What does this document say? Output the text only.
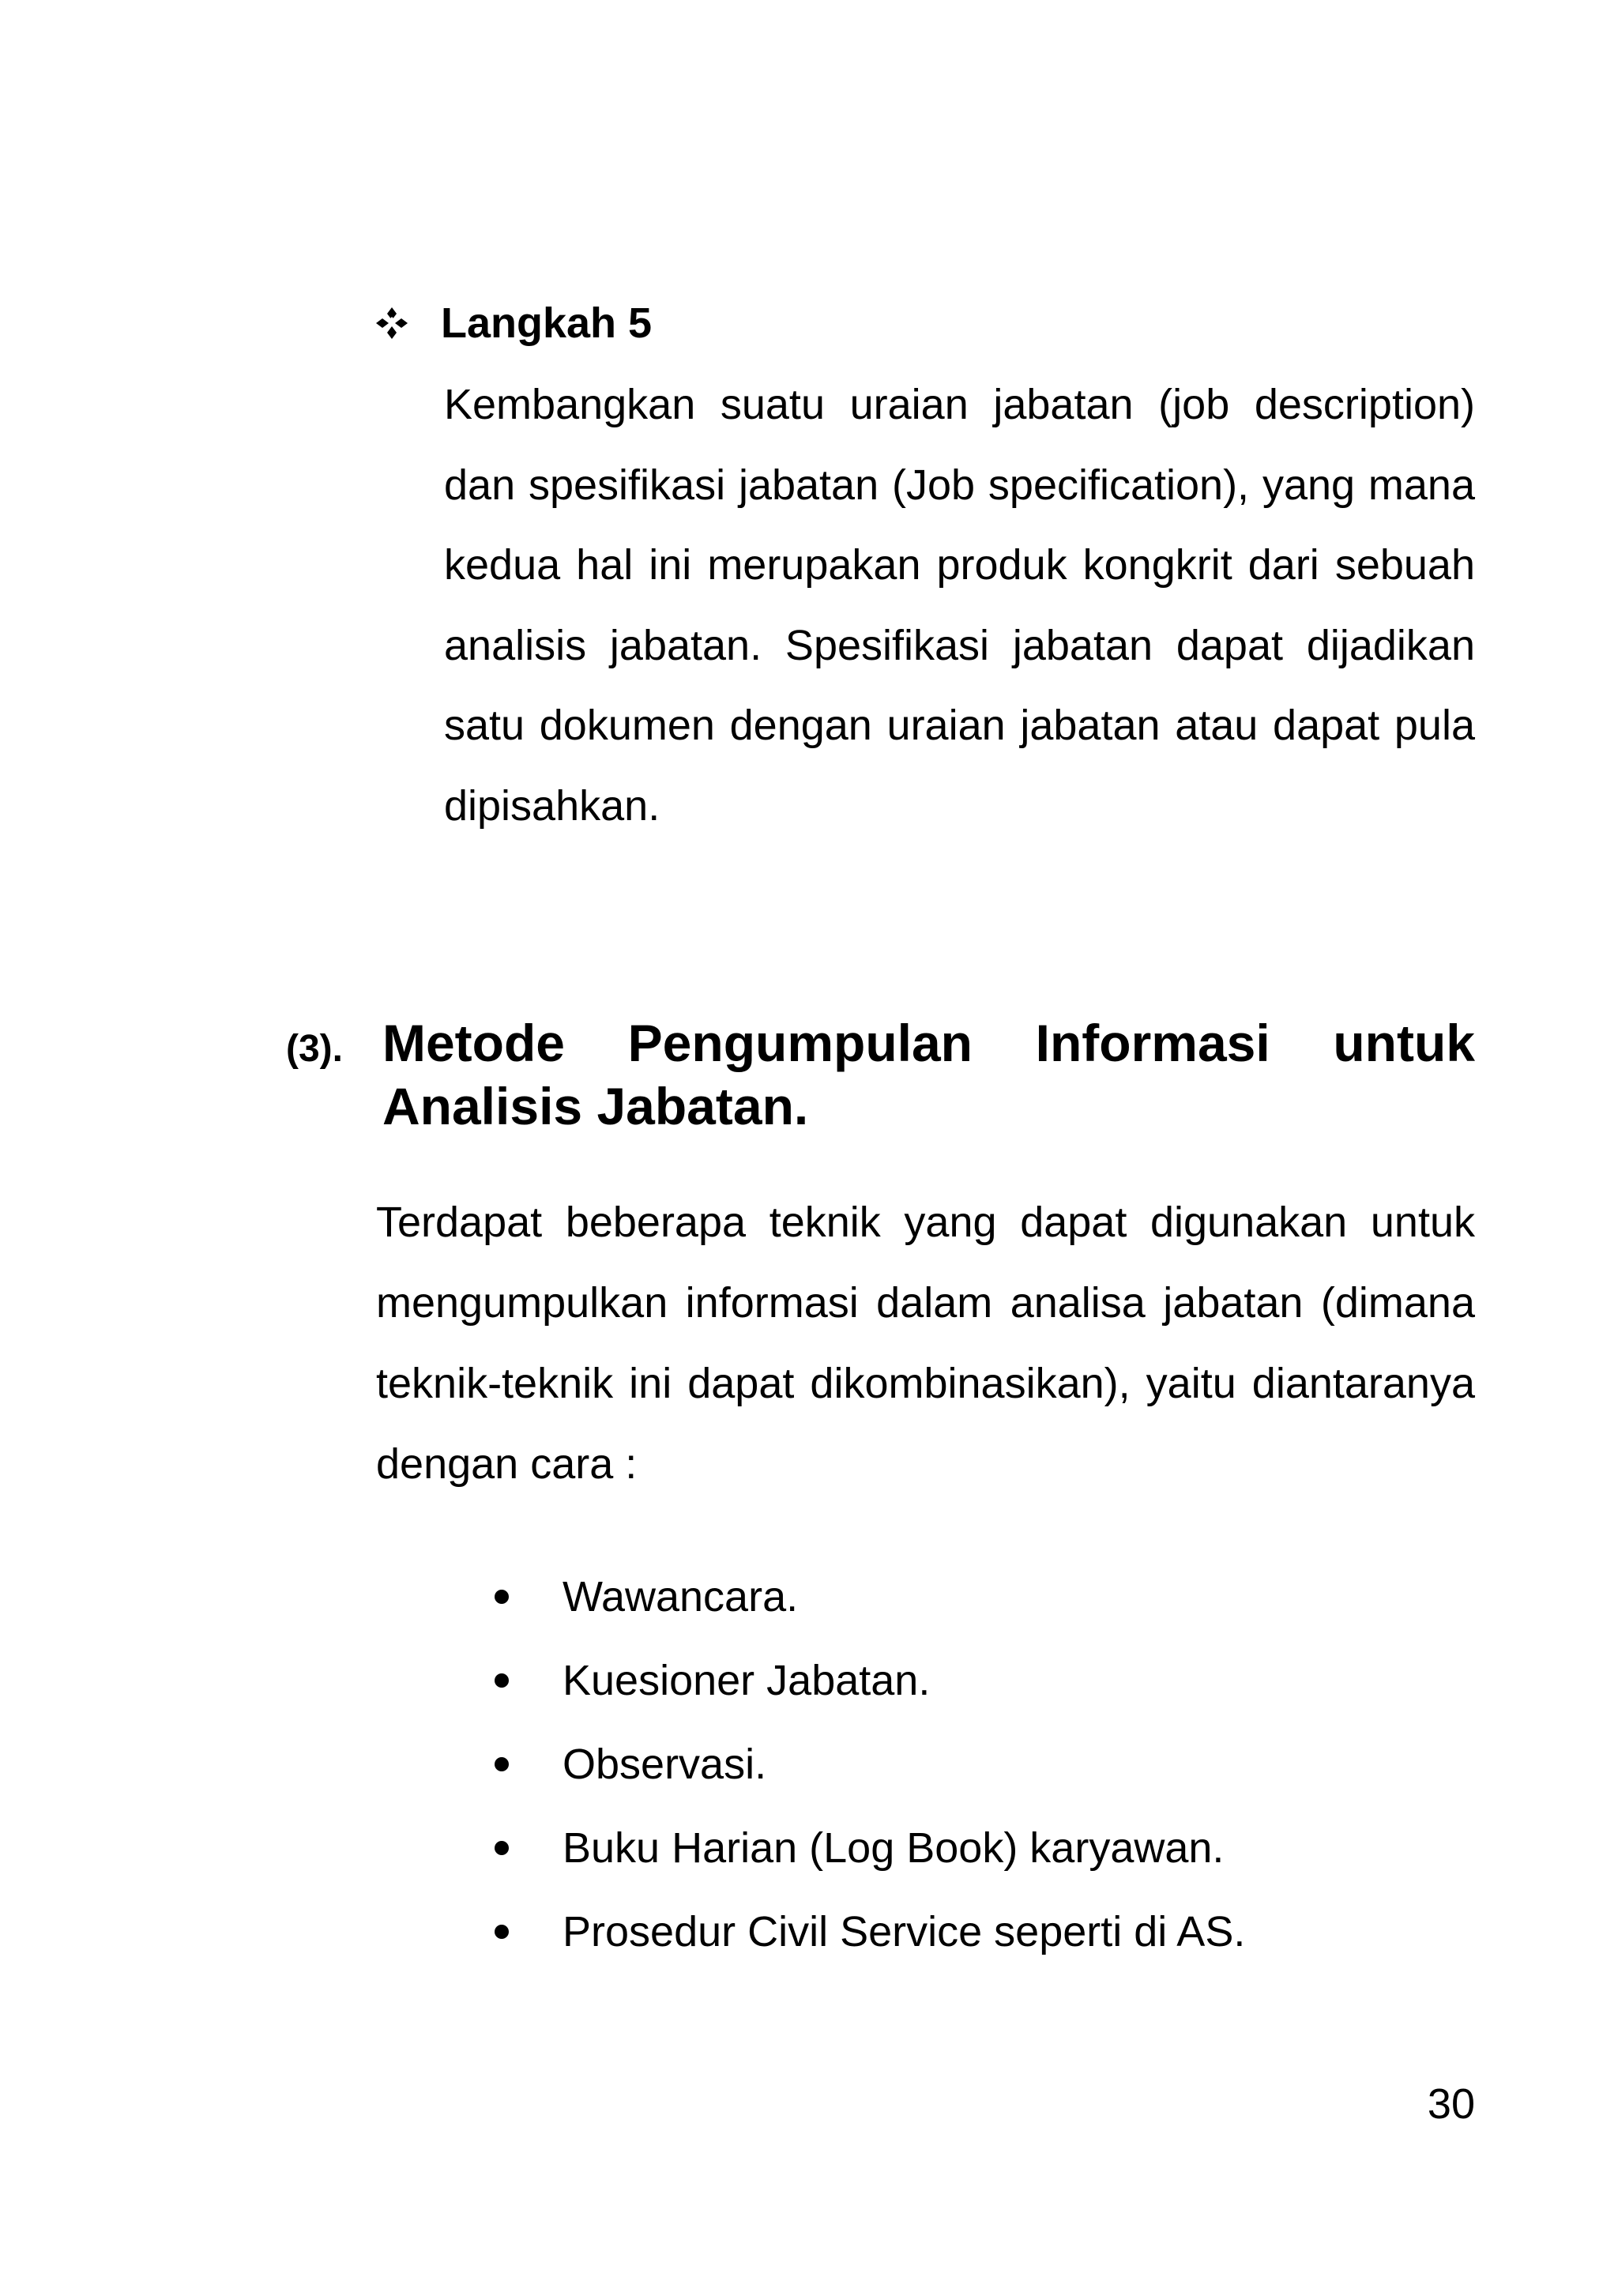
Langkah 5

Kembangkan suatu uraian jabatan (job description) dan spesifikasi jabatan (Job specification), yang mana kedua hal ini merupakan produk kongkrit dari sebuah analisis jabatan. Spesifikasi jabatan dapat dijadikan satu dokumen dengan uraian jabatan atau dapat pula dipisahkan.

(3). Metode Pengumpulan Informasi untuk Analisis Jabatan.

Terdapat beberapa teknik yang dapat digunakan untuk mengumpulkan informasi dalam analisa jabatan (dimana teknik-teknik ini dapat dikombinasikan), yaitu diantaranya dengan cara :

Wawancara.
Kuesioner Jabatan.
Observasi.
Buku Harian (Log Book) karyawan.
Prosedur Civil Service seperti di AS.
30
